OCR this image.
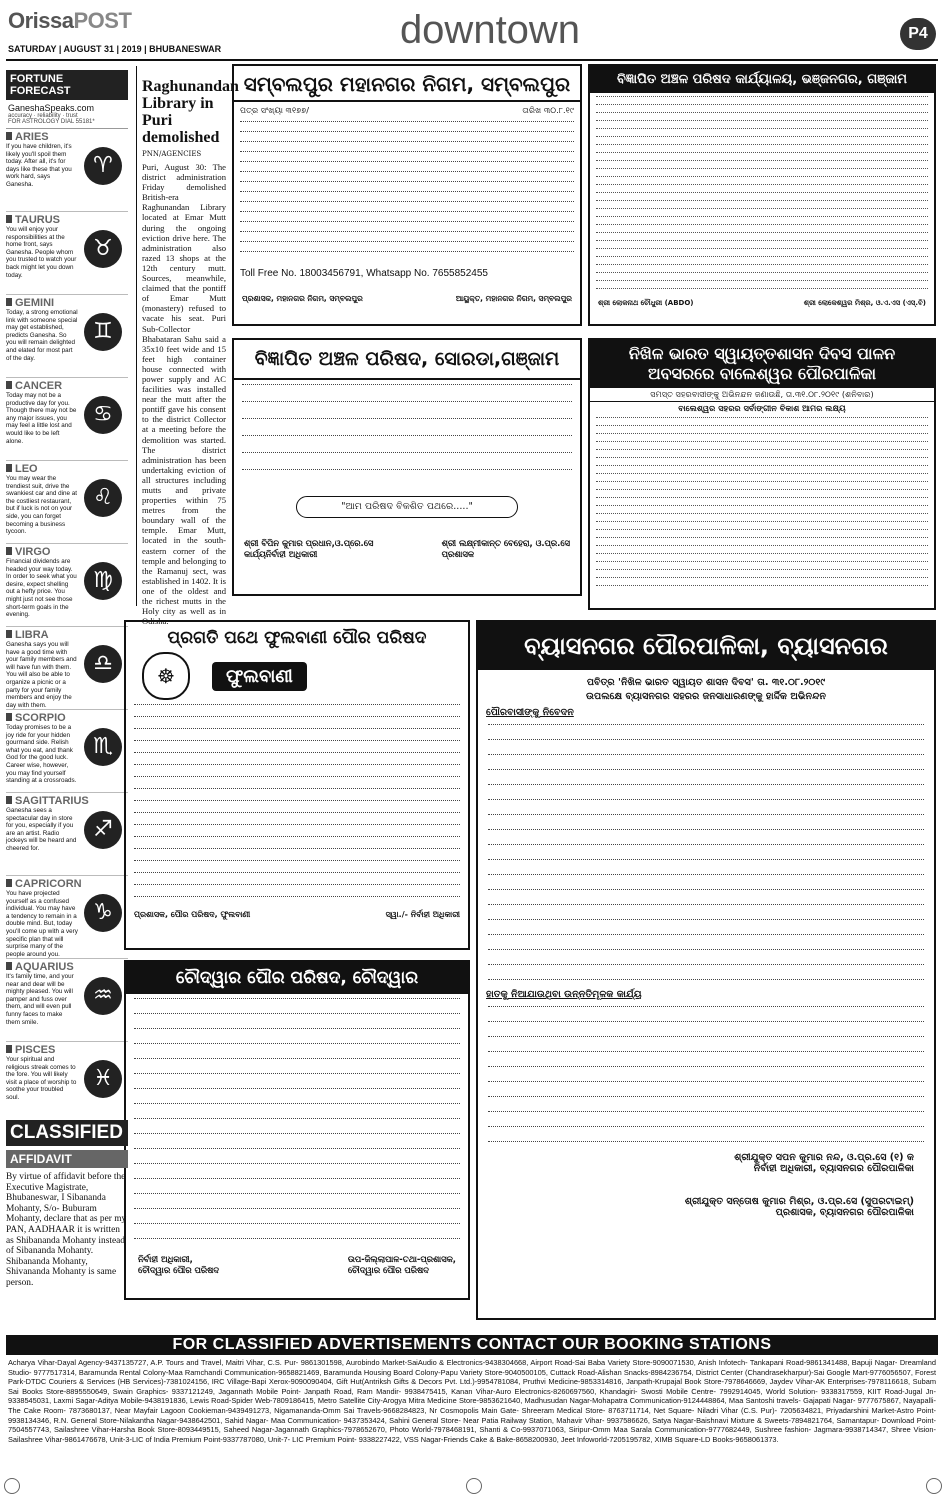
OrissaPOST
SATURDAY | AUGUST 31 | 2019 | BHUBANESWAR	downtown	P4
FORTUNE FORECAST
GaneshaSpeaks.com
accuracy · reliability · trust
FOR ASTROLOGY DIAL 55181*
ARIES

If you have children, it's likely you'll spoil them today. After all, it's for days like these that you work hard, says Ganesha.

♈
TAURUS

You will enjoy your responsibilities at the home front, says Ganesha. People whom you trusted to watch your back might let you down today.

♉
GEMINI

Today, a strong emotional link with someone special may get established, predicts Ganesha. So you will remain delighted and elated for most part of the day.

♊
CANCER

Today may not be a productive day for you. Though there may not be any major issues, you may feel a little lost and would like to be left alone.

♋
LEO

You may wear the trendiest suit, drive the swankiest car and dine at the costliest restaurant, but if luck is not on your side, you can forget becoming a business tycoon.

♌
VIRGO

Financial dividends are headed your way today. In order to seek what you desire, expect shelling out a hefty price. You might just not see those short-term goals in the evening.

♍
LIBRA

Ganesha says you will have a good time with your family members and will have fun with them. You will also be able to organize a picnic or a party for your family members and enjoy the day with them.

♎
SCORPIO

Today promises to be a joy ride for your hidden gourmand side. Relish what you eat, and thank God for the good luck. Career wise, however, you may find yourself standing at a crossroads.

♏
SAGITTARIUS

Ganesha sees a spectacular day in store for you, especially if you are an artist. Radio jockeys will be heard and cheered for.

♐
CAPRICORN

You have projected yourself as a confused individual. You may have a tendency to remain in a double mind. But, today you'll come up with a very specific plan that will surprise many of the people around you.

♑
AQUARIUS

It's family time, and your near and dear will be mighty pleased. You will pamper and fuss over them, and will even pull funny faces to make them smile.

♒
PISCES

Your spiritual and religious streak comes to the fore. You will likely visit a place of worship to soothe your troubled soul.

♓
Raghunandan Library in Puri demolished
PNN/AGENCIES

Puri, August 30: The district administration Friday demolished British-era Raghunandan Library located at Emar Mutt during the ongoing eviction drive here. The administration also razed 13 shops at the 12th century mutt. Sources, meanwhile, claimed that the pontiff of Emar Mutt (monastery) refused to vacate his seat. Puri Sub-Collector Bhabataran Sahu said a 35x10 feet wide and 15 feet high container house connected with power supply and AC facilities was installed near the mutt after the pontiff gave his consent to the district Collector at a meeting before the demolition was started. The district administration has been undertaking eviction of all structures including mutts and private properties within 75 metres from the boundary wall of the temple. Emar Mutt, located in the south-eastern corner of the temple and belonging to the Ramanuj sect, was established in 1402. It is one of the oldest and the richest mutts in the Holy city as well as in Odisha.

ସମ୍ବଲପୁର ମହାନଗର ନିଗମ, ସମ୍ବଲପୁର
ପତ୍ର ସଂଖ୍ୟା ୩୧୭୭/	ତାରିଖ ୩୦.୮.୧୯
Toll Free No. 18003456791, Whatsapp No. 7655852455
ପ୍ରଶାସକ, ମହାନଗର ନିଗମ, ସମ୍ବଲପୁର	ଆୟୁକ୍ତ, ମହାନଗର ନିଗମ, ସମ୍ବଲପୁର
ବିଜ୍ଞାପିତ ଅଞ୍ଚଳ ପରିଷଦ କାର୍ଯ୍ୟାଳୟ, ଭଞ୍ଜନଗର, ଗଞ୍ଜାମ
ଶ୍ରୀ ଲୋକନାଥ ଚୌଧୁରୀ (ABDO)	ଶ୍ରୀ ଲୋକେଶ୍ୱର ମିଶ୍ର, ଓ.ଏ.ଏସ (ଏସ୍.ବି)
ବିଜ୍ଞାପିତ ଅଞ୍ଚଳ ପରିଷଦ, ସୋରଡା,ଗଞ୍ଜାମ
"ଆମ ପରିଷଦ ବିକଶିତ ପଥରେ....."
ଶ୍ରୀ ବିପିନ କୁମାର ପ୍ରଧାନ,ଓ.ପ୍ରେ.ସେ
କାର୍ଯ୍ୟନିର୍ବାହୀ ଅଧିକାରୀ
ଶ୍ରୀ ଲକ୍ଷ୍ମୀକାନ୍ତ ବେହେରା, ଓ.ପ୍ର.ସେ
ପ୍ରଶାସକ
ନିଖିଳ ଭାରତ ସ୍ୱାୟତ୍ତଶାସନ ଦିବସ ପାଳନ
ଅବସରରେ ବାଲେଶ୍ୱର ପୌରପାଳିକା
ସମସ୍ତ ସହରବାସୀଙ୍କୁ ଅଭିନନ୍ଦନ ଜଣାଉଛି, ତା.୩୧.୦୮.୨୦୧୯ (ଶନିବାର)
ବାଲେଶ୍ୱର ସହରର ସର୍ବାଙ୍ଗୀନ ବିକାଶ ଆମର ଲକ୍ଷ୍ୟ
ପ୍ରଗତି ପଥେ ଫୁଲବାଣୀ ପୌର ପରିଷଦ
☸	ଫୁଲବାଣୀ
ପ୍ରଶାସକ, ପୌର ପରିଷଦ, ଫୁଲବାଣୀ	ସ୍ୱା./- ନିର୍ବାହୀ ଅଧିକାରୀ
ଚୌଦ୍ୱାର ପୌର ପରିଷଦ, ଚୌଦ୍ୱାର
ନିର୍ବାହୀ ଅଧିକାରୀ,
ଚୌଦ୍ୱାର ପୌର ପରିଷଦ
ଉପ-ଜିଲ୍ଲାପାଳ-ତଥା-ପ୍ରଶାସକ,
ଚୌଦ୍ୱାର ପୌର ପରିଷଦ
ବ୍ୟାସନଗର ପୌରପାଳିକା, ବ୍ୟାସନଗର
ପବିତ୍ର 'ନିଖିଳ ଭାରତ ସ୍ୱାୟତ ଶାସନ ଦିବସ' ତା. ୩୧.୦୮.୨୦୧୯
ଉପଲକ୍ଷେ ବ୍ୟାସନଗର ସହରର ଜନସାଧାରଣଙ୍କୁ ହାର୍ଦ୍ଦିକ ଅଭିନନ୍ଦନ
ପୌରବାସୀଙ୍କୁ ନିବେଦନ
ହାତକୁ ନିଆଯାଉଥିବା ଉନ୍ନତିମୂଳକ କାର୍ଯ୍ୟ
ଶ୍ରୀଯୁକ୍ତ ସପନ କୁମାର ନନ୍ଦ, ଓ.ପ୍ର.ସେ (୧) କ
ନିର୍ବାହୀ ଅଧିକାରୀ, ବ୍ୟାସନଗର ପୌରପାଳିକା
ଶ୍ରୀଯୁକ୍ତ ସନ୍ତୋଷ କୁମାର ମିଶ୍ର, ଓ.ପ୍ର.ସେ (ସୁପରଟାଇମ୍)
ପ୍ରଶାସକ, ବ୍ୟାସନଗର ପୌରପାଳିକା
CLASSIFIED
AFFIDAVIT

By virtue of affidavit before the Executive Magistrate, Bhubaneswar, I Sibananda Mohanty, S/o- Buburam Mohanty, declare that as per my PAN, AADHAAR it is written as Shibananda Mohanty instead of Sibananda Mohanty. Shibananda Mohanty, Shivananda Mohanty is same person.

FOR CLASSIFIED ADVERTISEMENTS CONTACT OUR BOOKING STATIONS
Acharya Vihar-Dayal Agency-9437135727, A.P. Tours and Travel, Maitri Vihar, C.S. Pur- 9861301598, Aurobindo Market-SaiAudio & Electronics-9438304668, Airport Road-Sai Baba Variety Store-9090071530, Anish Infotech- Tankapani Road-9861341488, Bapuji Nagar- Dreamland Studio- 9777517314, Baramunda Rental Colony-Maa Ramchandi Communication-9658821469, Baramunda Housing Board Colony-Papu Variety Store-9040500105, Cuttack Road-Alishan Snacks-8984236754, District Center (Chandrasekharpur)-Sai Google Mart-9776056507, Forest Park-DTDC Couriers & Services (HB Services)-7381024156, IRC Village-Bapi Xerox-9090090404, Gift Hut(Antriksh Gifts & Decors Pvt. Ltd.)-9954781084, Pruthvi Medicine-9853314816, Janpath-Krupajal Book Store-7978646669, Jaydev Vihar-AK Enterprises-7978116618, Subam Sai Books Store-8895550649, Swain Graphics- 9337121249, Jagannath Mobile Point- Janpath Road, Ram Mandir- 9938475415, Kanan Vihar-Auro Electronics-8260697560, Khandagiri- Swosti Mobile Centre- 7992914045, World Solution- 9338317559, KIIT Road-Jugal Jn-9338545031, Laxmi Sagar-Aditya Mobile-9438191836, Lewis Road-Spider Web-7809186415, Metro Satellite City-Arogya Mitra Medicine Store-9853621640, Madhusudan Nagar-Mohapatra Communication-9124448864, Maa Santoshi travels- Gajapati Nagar- 9777675867, Nayapalli- The Cake Room- 7873680137, Near Mayfair Lagoon Cookieman-9439491273, Nigamananda-Omm Sai Travels-9668284823, Nr Cosmopolis Main Gate- Shreeram Medical Store- 8763711714, Net Square- Niladri Vihar (C.S. Pur)- 7205634821, Priyadarshini Market-Astro Point-9938134346, R.N. General Store-Nilakantha Nagar-9438642501, Sahid Nagar- Maa Communication- 9437353424, Sahini General Store- Near Patia Railway Station, Mahavir Vihar- 9937586626, Satya Nagar-Baishnavi Mixture & Sweets-7894821764, Samantapur- Download Point-7504557743, Sailashree Vihar-Harsha Book Store-8093449515, Saheed Nagar-Jagannath Graphics-7978652670, Photo World-7978468191, Shanti & Co-9937071063, Siripur-Omm Maa Sarala Communication-9777682449, Sushree fashion- Jagmara-9938714347, Shree Vision- Sailashree Vihar-9861476678, Unit-3-LIC of India Premium Point-9337787080, Unit-7- LIC Premium Point- 9338227422, VSS Nagar-Friends Cake & Bake-8658200930, Jeet Infoworld-7205195782, XIMB Square-LD Books-9658061373.
